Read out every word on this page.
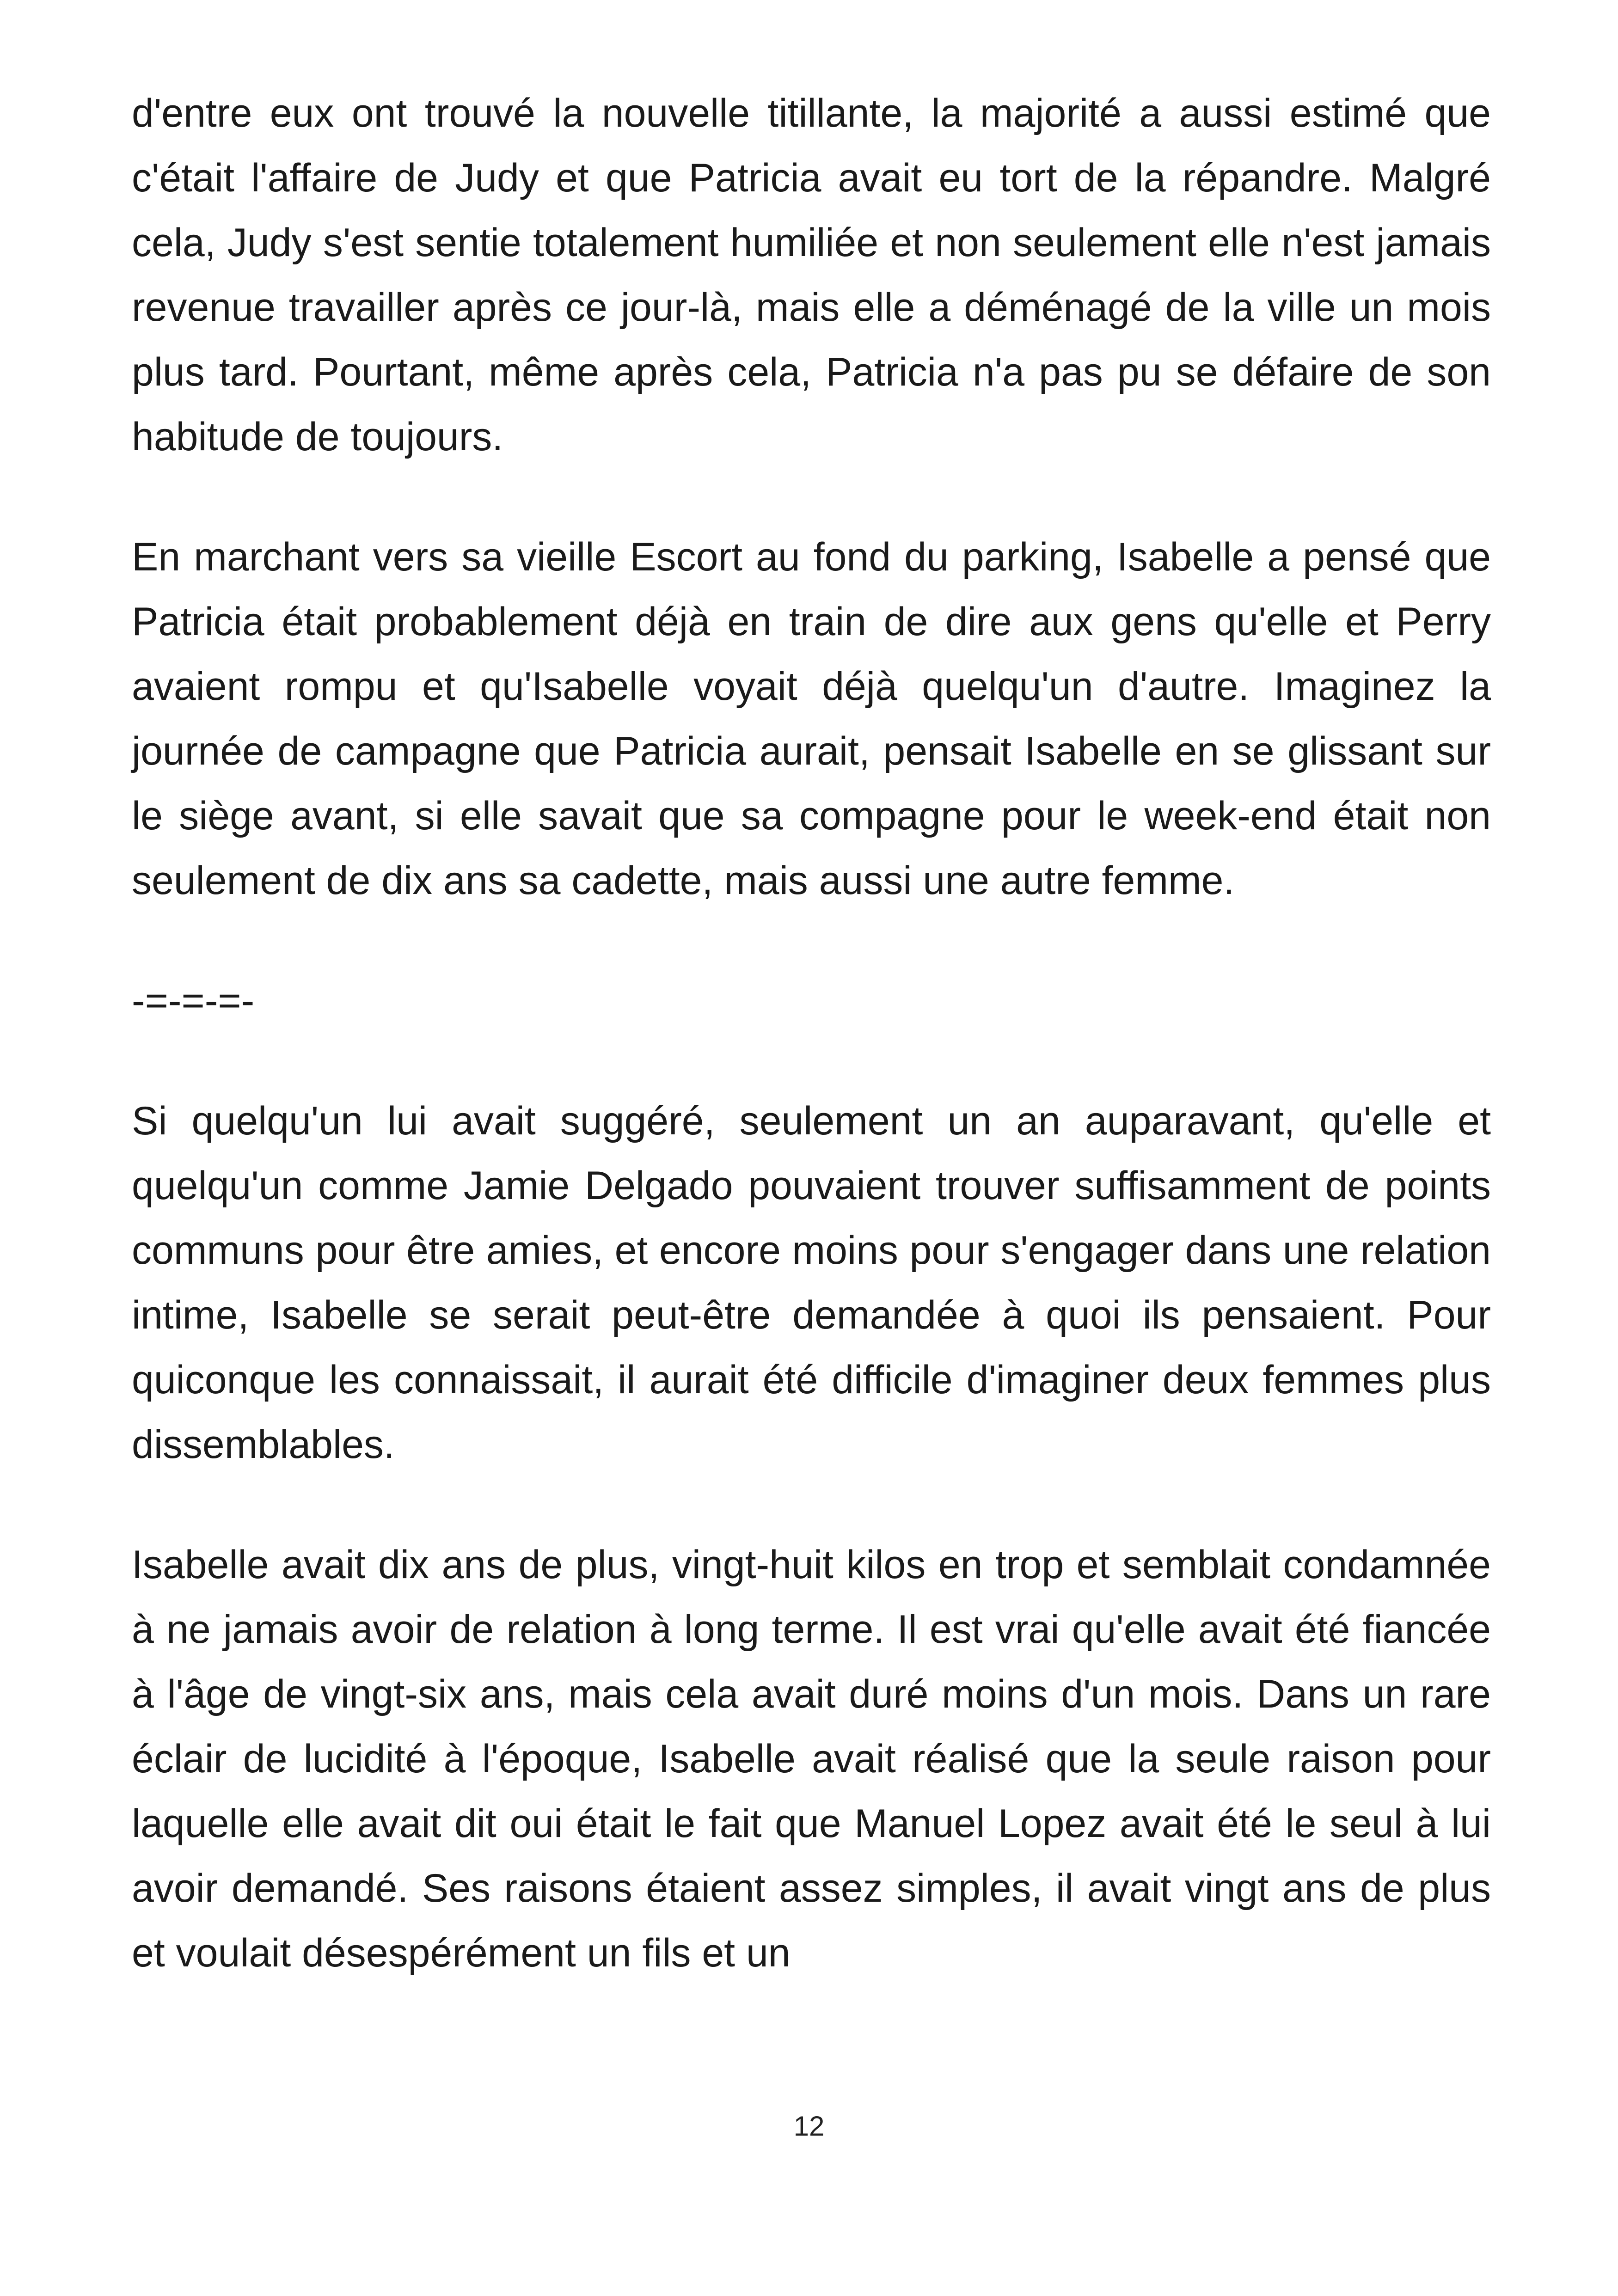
d'entre eux ont trouvé la nouvelle titillante, la majorité a aussi estimé que c'était l'affaire de Judy et que Patricia avait eu tort de la répandre. Malgré cela, Judy s'est sentie totalement humiliée et non seulement elle n'est jamais revenue travailler après ce jour-là, mais elle a déménagé de la ville un mois plus tard. Pourtant, même après cela, Patricia n'a pas pu se défaire de son habitude de toujours.

En marchant vers sa vieille Escort au fond du parking, Isabelle a pensé que Patricia était probablement déjà en train de dire aux gens qu'elle et Perry avaient rompu et qu'Isabelle voyait déjà quelqu'un d'autre. Imaginez la journée de campagne que Patricia aurait, pensait Isabelle en se glissant sur le siège avant, si elle savait que sa compagne pour le week-end était non seulement de dix ans sa cadette, mais aussi une autre femme.

-=-=-=-

Si quelqu'un lui avait suggéré, seulement un an auparavant, qu'elle et quelqu'un comme Jamie Delgado pouvaient trouver suffisamment de points communs pour être amies, et encore moins pour s'engager dans une relation intime, Isabelle se serait peut-être demandée à quoi ils pensaient. Pour quiconque les connaissait, il aurait été difficile d'imaginer deux femmes plus dissemblables.

Isabelle avait dix ans de plus, vingt-huit kilos en trop et semblait condamnée à ne jamais avoir de relation à long terme. Il est vrai qu'elle avait été fiancée à l'âge de vingt-six ans, mais cela avait duré moins d'un mois. Dans un rare éclair de lucidité à l'époque, Isabelle avait réalisé que la seule raison pour laquelle elle avait dit oui était le fait que Manuel Lopez avait été le seul à lui avoir demandé. Ses raisons étaient assez simples, il avait vingt ans de plus et voulait désespérément un fils et un

12
